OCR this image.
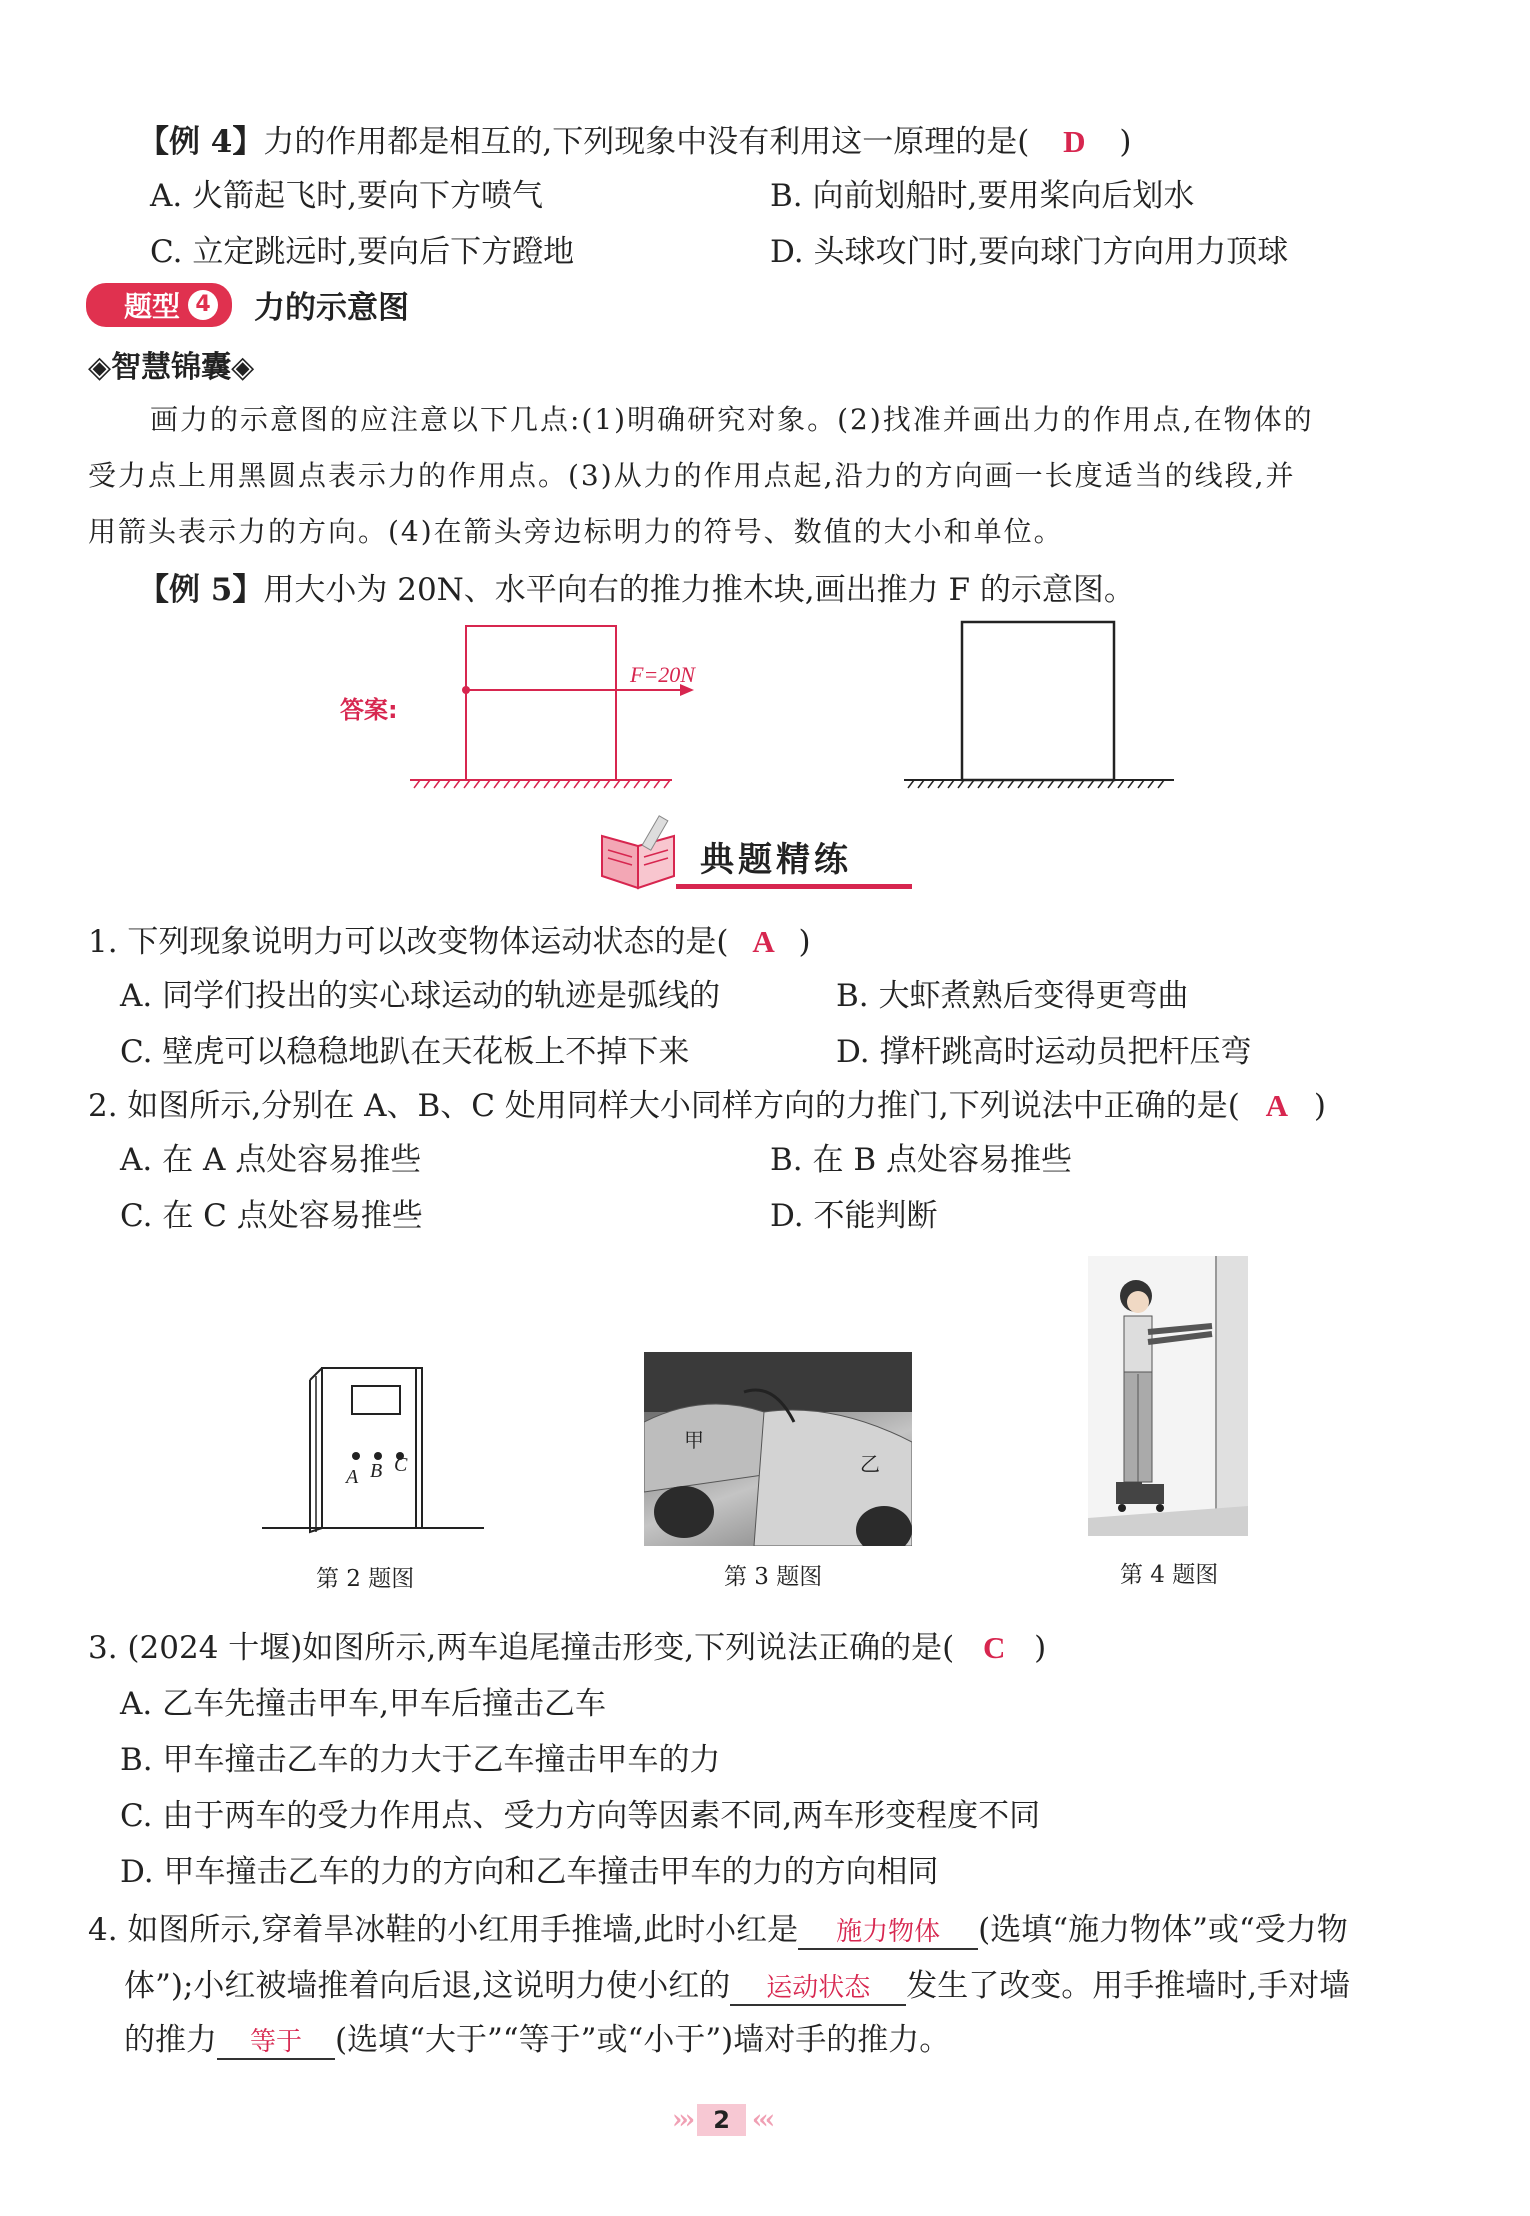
【例 4】力的作用都是相互的,下列现象中没有利用这一原理的是( D )
A. 火箭起飞时,要向下方喷气	B. 向前划船时,要用桨向后划水
C. 立定跳远时,要向后下方蹬地	D. 头球攻门时,要向球门方向用力顶球
题型 4 力的示意图
◈智慧锦囊◈
画力的示意图的应注意以下几点:(1)明确研究对象。(2)找准并画出力的作用点,在物体的
受力点上用黑圆点表示力的作用点。(3)从力的作用点起,沿力的方向画一长度适当的线段,并
用箭头表示力的方向。(4)在箭头旁边标明力的符号、数值的大小和单位。
【例 5】用大小为 20N、水平向右的推力推木块,画出推力 F 的示意图。
答案:
F=20N
典题精练
1. 下列现象说明力可以改变物体运动状态的是( A )
A. 同学们投出的实心球运动的轨迹是弧线的	B. 大虾煮熟后变得更弯曲
C. 壁虎可以稳稳地趴在天花板上不掉下来	D. 撑杆跳高时运动员把杆压弯
2. 如图所示,分别在 A、B、C 处用同样大小同样方向的力推门,下列说法中正确的是( A )
A. 在 A 点处容易推些	B. 在 B 点处容易推些
C. 在 C 点处容易推些	D. 不能判断
A B C
第 2 题图
甲
乙
第 3 题图	第 4 题图
3. (2024 十堰)如图所示,两车追尾撞击形变,下列说法正确的是( C )
A. 乙车先撞击甲车,甲车后撞击乙车
B. 甲车撞击乙车的力大于乙车撞击甲车的力
C. 由于两车的受力作用点、受力方向等因素不同,两车形变程度不同
D. 甲车撞击乙车的力的方向和乙车撞击甲车的力的方向相同
4. 如图所示,穿着旱冰鞋的小红用手推墙,此时小红是 施力物体 (选填“施力物体”或“受力物
体”);小红被墙推着向后退,这说明力使小红的 运动状态 发生了改变。用手推墙时,手对墙
的推力 等于 (选填“大于”“等于”或“小于”)墙对手的推力。
››› 2 ‹‹‹
